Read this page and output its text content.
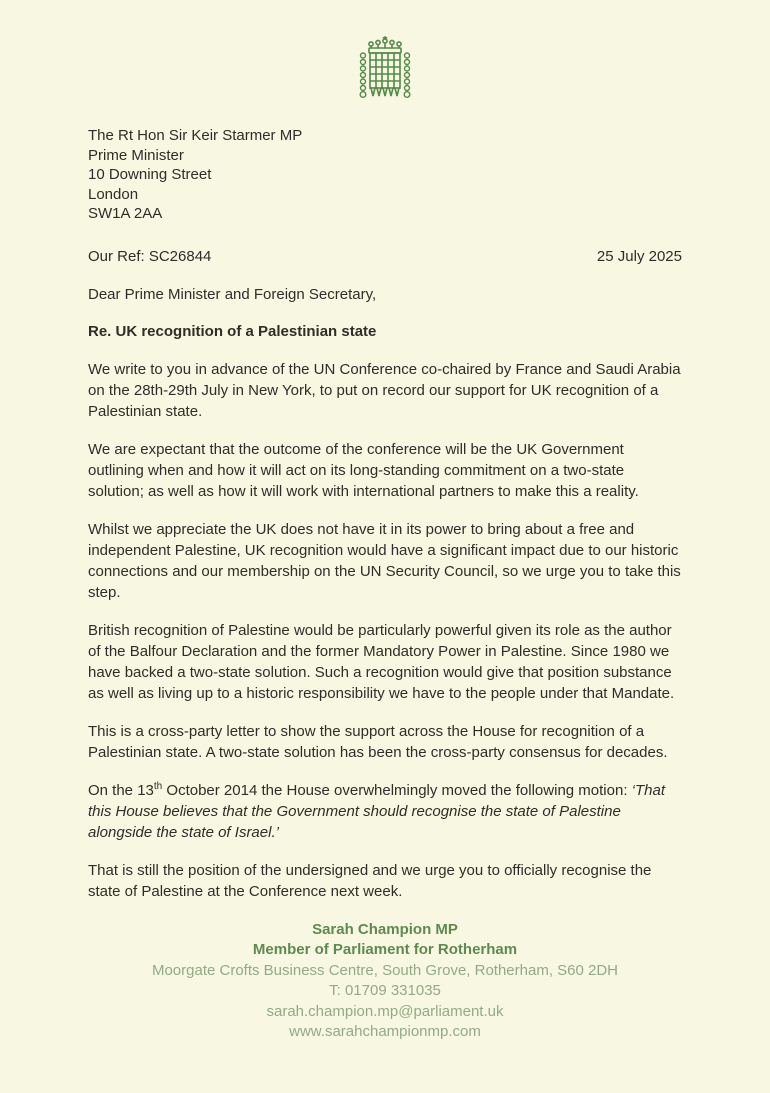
The Rt Hon Sir Keir Starmer MP
Prime Minister
10 Downing Street
London
SW1A 2AA
Our Ref: SC26844	25 July 2025

Dear Prime Minister and Foreign Secretary,

Re. UK recognition of a Palestinian state

We write to you in advance of the UN Conference co-chaired by France and Saudi Arabia on the 28th-29th July in New York, to put on record our support for UK recognition of a Palestinian state.

We are expectant that the outcome of the conference will be the UK Government outlining when and how it will act on its long-standing commitment on a two-state solution; as well as how it will work with international partners to make this a reality.

Whilst we appreciate the UK does not have it in its power to bring about a free and independent Palestine, UK recognition would have a significant impact due to our historic connections and our membership on the UN Security Council, so we urge you to take this step.

British recognition of Palestine would be particularly powerful given its role as the author of the Balfour Declaration and the former Mandatory Power in Palestine. Since 1980 we have backed a two-state solution. Such a recognition would give that position substance as well as living up to a historic responsibility we have to the people under that Mandate.

This is a cross-party letter to show the support across the House for recognition of a Palestinian state. A two-state solution has been the cross-party consensus for decades.

On the 13th October 2014 the House overwhelmingly moved the following motion: ‘That this House believes that the Government should recognise the state of Palestine alongside the state of Israel.’

That is still the position of the undersigned and we urge you to officially recognise the state of Palestine at the Conference next week.

Sarah Champion MP
Member of Parliament for Rotherham
Moorgate Crofts Business Centre, South Grove, Rotherham, S60 2DH
T: 01709 331035
sarah.champion.mp@parliament.uk
www.sarahchampionmp.com
